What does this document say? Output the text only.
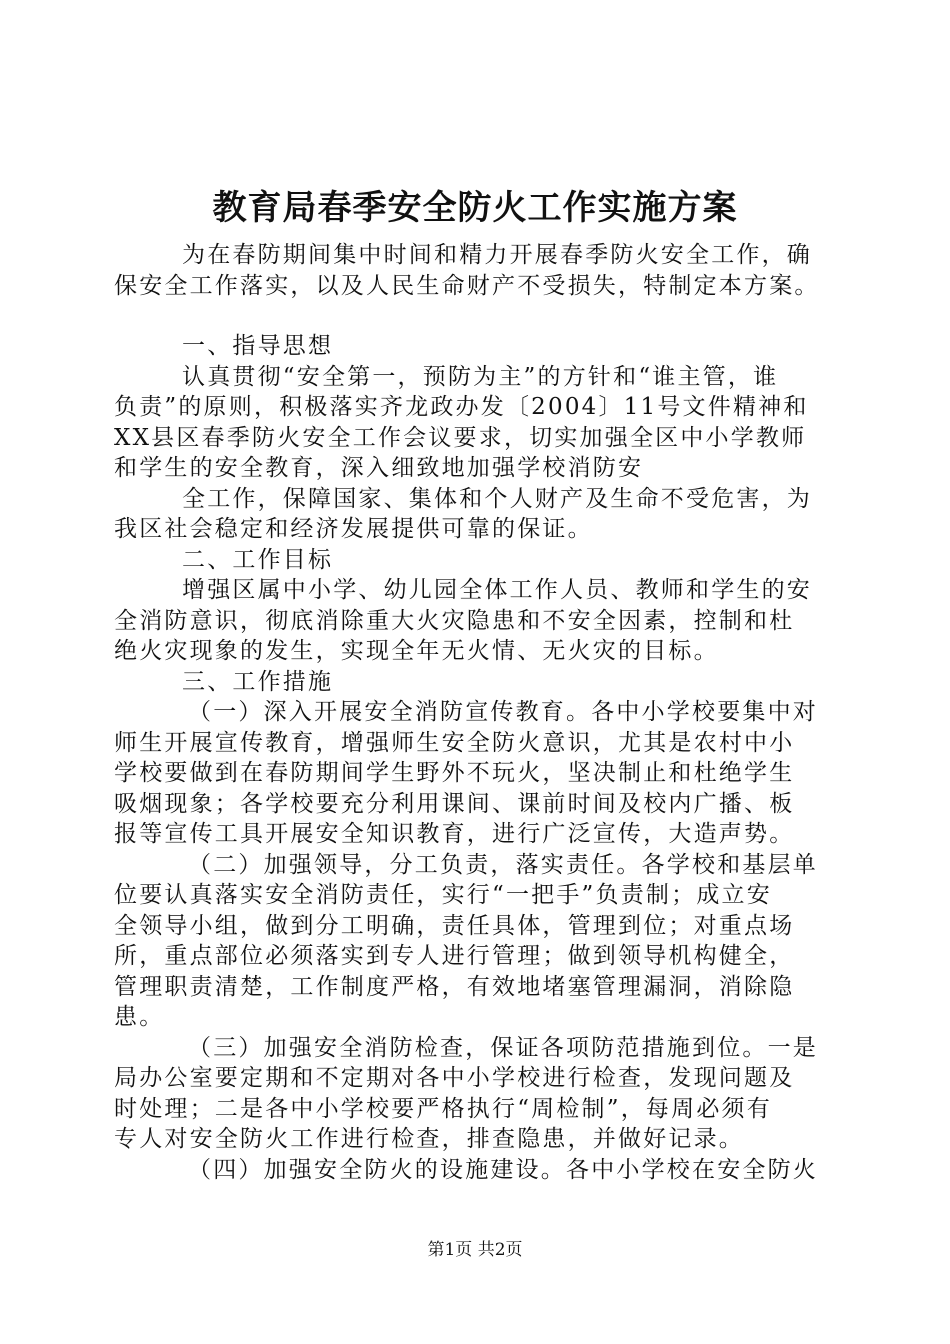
教育局春季安全防火工作实施方案
为在春防期间集中时间和精力开展春季防火安全工作，确
保安全工作落实，以及人民生命财产不受损失，特制定本方案。
一、指导思想
认真贯彻“安全第一，预防为主”的方针和“谁主管，谁
负责”的原则，积极落实齐龙政办发〔2004〕11号文件精神和
XX县区春季防火安全工作会议要求，切实加强全区中小学教师
和学生的安全教育，深入细致地加强学校消防安
全工作，保障国家、集体和个人财产及生命不受危害，为
我区社会稳定和经济发展提供可靠的保证。
二、工作目标
增强区属中小学、幼儿园全体工作人员、教师和学生的安
全消防意识，彻底消除重大火灾隐患和不安全因素，控制和杜
绝火灾现象的发生，实现全年无火情、无火灾的目标。
三、工作措施
（一）深入开展安全消防宣传教育。各中小学校要集中对
师生开展宣传教育，增强师生安全防火意识，尤其是农村中小
学校要做到在春防期间学生野外不玩火，坚决制止和杜绝学生
吸烟现象；各学校要充分利用课间、课前时间及校内广播、板
报等宣传工具开展安全知识教育，进行广泛宣传，大造声势。
（二）加强领导，分工负责，落实责任。各学校和基层单
位要认真落实安全消防责任，实行“一把手”负责制；成立安
全领导小组，做到分工明确，责任具体，管理到位；对重点场
所，重点部位必须落实到专人进行管理；做到领导机构健全，
管理职责清楚，工作制度严格，有效地堵塞管理漏洞，消除隐
患。
（三）加强安全消防检查，保证各项防范措施到位。一是
局办公室要定期和不定期对各中小学校进行检查，发现问题及
时处理；二是各中小学校要严格执行“周检制”，每周必须有
专人对安全防火工作进行检查，排查隐患，并做好记录。
（四）加强安全防火的设施建设。各中小学校在安全防火
第1页 共2页
